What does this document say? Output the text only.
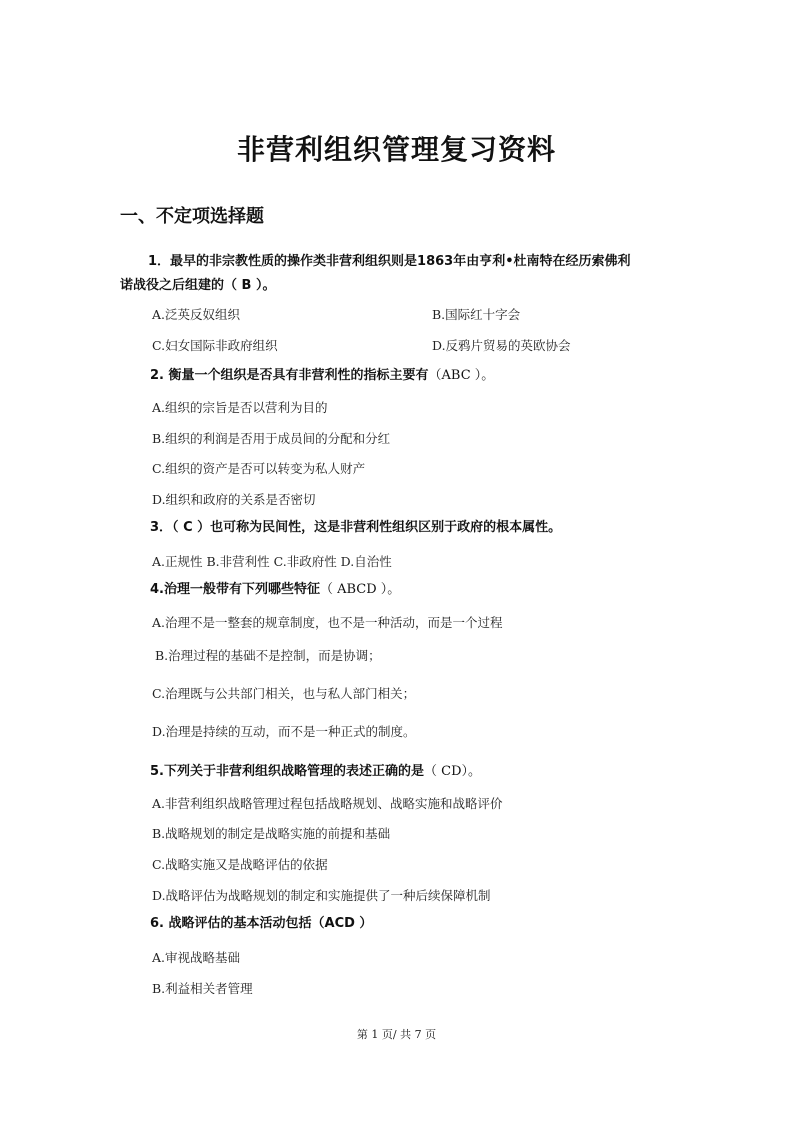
非营利组织管理复习资料
一、不定项选择题
1．最早的非宗教性质的操作类非营利组织则是1863年由亨利•杜南特在经历索佛利
诺战役之后组建的（ B ）。
A.泛英反奴组织	B.国际红十字会
C.妇女国际非政府组织	D.反鸦片贸易的英欧协会
2. 衡量一个组织是否具有非营利性的指标主要有（ABC ）。
A.组织的宗旨是否以营利为目的
B.组织的利润是否用于成员间的分配和分红
C.组织的资产是否可以转变为私人财产
D.组织和政府的关系是否密切
3．（ C ）也可称为民间性，这是非营利性组织区别于政府的根本属性。
A.正规性 B.非营利性 C.非政府性 D.自治性
4.治理一般带有下列哪些特征（ ABCD ）。
A.治理不是一整套的规章制度，也不是一种活动，而是一个过程
B.治理过程的基础不是控制，而是协调；
C.治理既与公共部门相关，也与私人部门相关；
D.治理是持续的互动，而不是一种正式的制度。
5.下列关于非营利组织战略管理的表述正确的是（ CD）。
A.非营利组织战略管理过程包括战略规划、战略实施和战略评价
B.战略规划的制定是战略实施的前提和基础
C.战略实施又是战略评估的依据
D.战略评估为战略规划的制定和实施提供了一种后续保障机制
6. 战略评估的基本活动包括（ACD ）
A.审视战略基础
B.利益相关者管理
第 1 页/ 共 7 页
